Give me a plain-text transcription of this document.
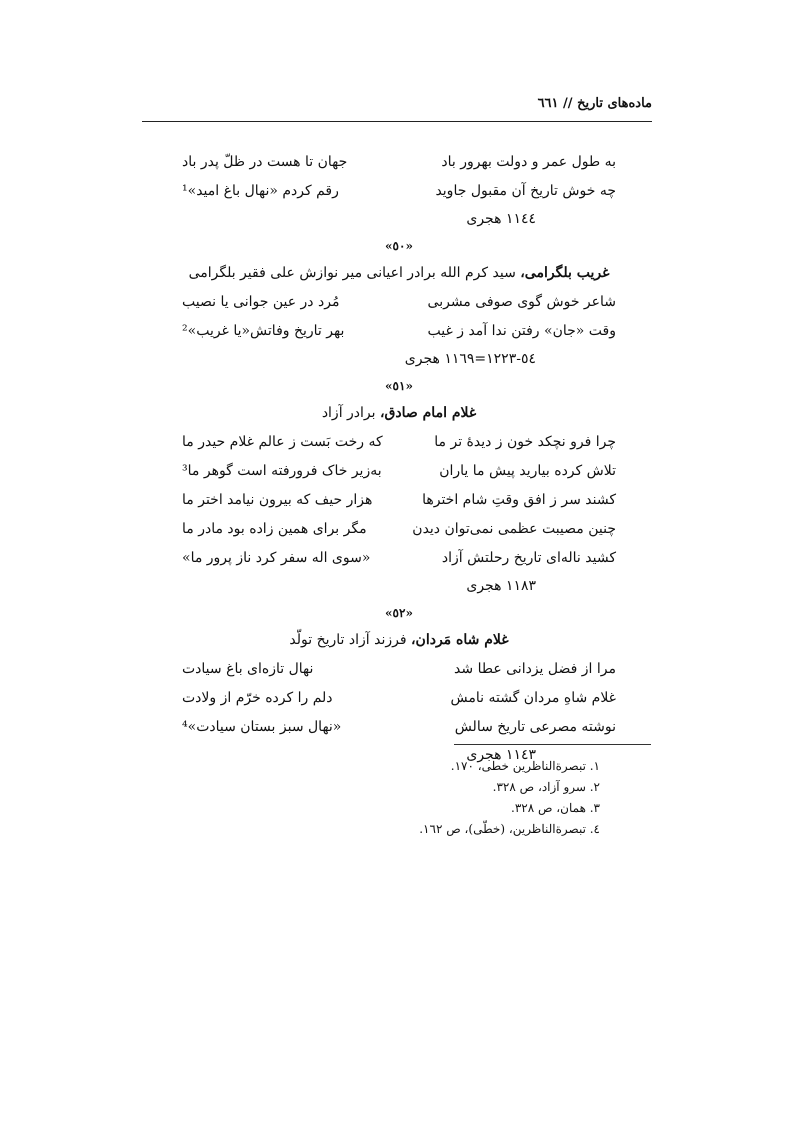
ماده‌های تاریخ // ٦٦١
به طول عمر و دولت بهرور باد
جهان تا هست در ظلّ پدر باد
چه خوش تاریخ آن مقبول جاوید
رقم کردم «نهال باغ امید»¹
١١٤٤ هجری
«٥٠»
غریب بلگرامی، سید کرم الله برادر اعیانی میر نوازش علی فقیر بلگرامی
شاعر خوش گوی صوفی مشربی
مُرد در عین جوانی یا نصیب
وقت «جان» رفتن ندا آمد ز غیب
بهر تاریخ وفاتش«یا غریب»²
٥٤-١٢٢٣=١١٦٩ هجری
«٥١»
غلام امام صادق، برادر آزاد
چرا فرو نچکد خون ز دیدهٔ تر ما
که رخت بَست ز عالم غلام حیدر ما
تلاش کرده بیارید پیش ما یاران
به‌زیر خاک فرورفته است گوهر ما³
کشند سر ز افق وقتِ شام اخترها
هزار حیف که بیرون نیامد اختر ما
چنین مصیبت عظمی نمی‌توان دیدن
مگر برای همین زاده بود مادر ما
کشید ناله‌ای تاریخ رحلتش آزاد
«سوی اله سفر کرد ناز پرور ما»
١١٨٣ هجری
«٥٢»
غلام شاه مَردان، فرزند آزاد تاریخ تولّد
مرا از فضل یزدانی عطا شد
نهال تازه‌ای باغ سیادت
غلام شاهِ مردان گشته نامش
دلم را کرده خرّم از ولادت
نوشته مصرعی تاریخ سالش
«نهال سبز بستان سیادت»⁴
١١٤٣ هجری
١. تبصرةالناظرین خطی، ١٧٠.
٢. سرو آزاد، ص ٣٢٨.
٣. همان، ص ٣٢٨.
٤. تبصرةالناظرین، (خطّی)، ص ١٦٢.
